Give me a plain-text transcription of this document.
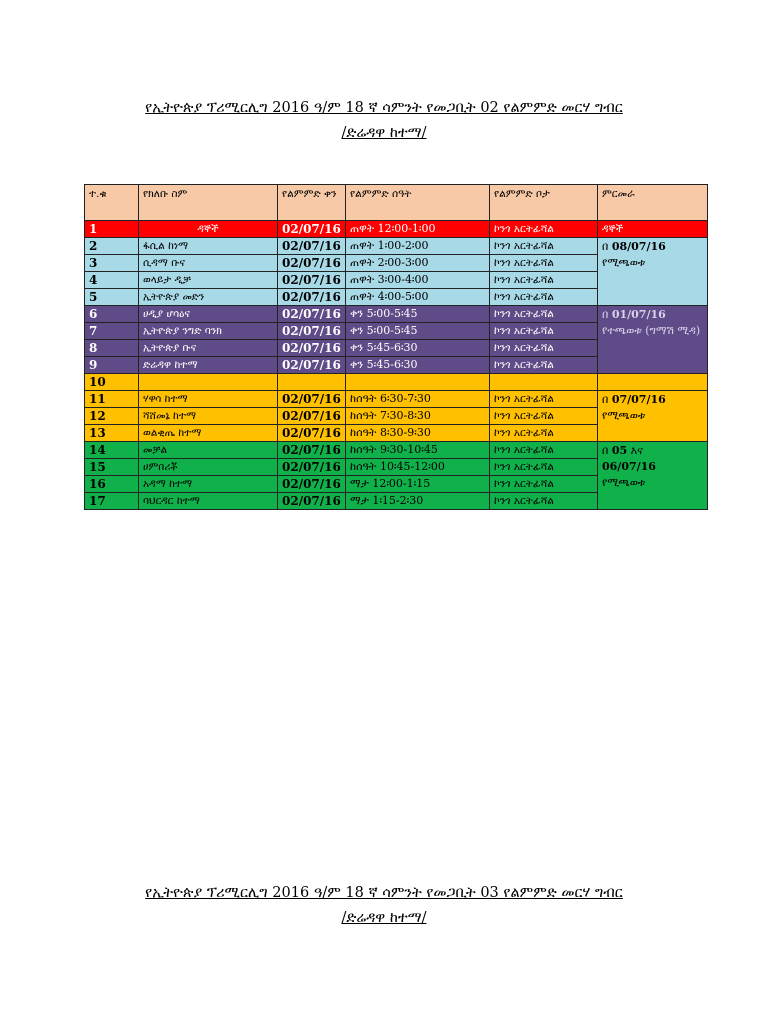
የኢትዮጵያ ፕሪሚርሊግ 2016 ዓ/ም 18 ኛ ሳምንት የመጋቢት 02 የልምምድ መርሃ ግብር
/ድሬዳዋ ከተማ/
ተ.ቁ	የክለቡ ስም	የልምምድ ቀን	የልምምድ ሰዓት	የልምምድ ቦታ	ምርመራ
1	ዳኞች	02/07/16	ጠዋት 12፡00-1፡00	ኮንጎ አርትፊሻል	ዳኞች
2	ፋሲል ከነማ	02/07/16	ጠዋት 1፡00-2፡00	ኮንጎ አርትፊሻል	በ 08/07/16
የሚጫወቱ
3	ሲዳማ ቡና	02/07/16	ጠዋት 2፡00-3፡00	ኮንጎ አርትፊሻል	
4	ወላይታ ዲቻ	02/07/16	ጠዋት 3፡00-4፡00	ኮንጎ አርትፊሻል	
5	ኢትዮጵያ መድን	02/07/16	ጠዋት 4፡00-5፡00	ኮንጎ አርትፊሻል	
6	ሀዲያ ሆሳዕና	02/07/16	ቀን 5፡00-5፡45	ኮንጎ አርትፊሻል	በ 01/07/16
የተጫወቱ (ግማሽ ሚዳ)
7	ኢትዮጵያ ንግድ ባንክ	02/07/16	ቀን 5፡00-5፡45	ኮንጎ አርትፊሻል	
8	ኢትዮጵያ ቡና	02/07/16	ቀን 5፡45-6፡30	ኮንጎ አርትፊሻል	
9	ድሬዳዋ ከተማ	02/07/16	ቀን 5፡45-6፡30	ኮንጎ አርትፊሻል	
10					
11	ሃዋሳ ከተማ	02/07/16	ከሰዓት 6፡30-7፡30	ኮንጎ አርትፊሻል	በ 07/07/16
የሚጫወቱ
12	ሻሸመኔ ከተማ	02/07/16	ከሰዓት 7፡30-8፡30	ኮንጎ አርትፊሻል	
13	ወልቂጤ ከተማ	02/07/16	ከሰዓት 8፡30-9፡30	ኮንጎ አርትፊሻል	
14	መቻል	02/07/16	ከሰዓት 9፡30-10፡45	ኮንጎ አርትፊሻል	በ 05 እና
06/07/16
የሚጫወቱ
15	ሀምበሪቾ	02/07/16	ከሰዓት 10፡45-12፡00	ኮንጎ አርትፊሻል	
16	አዳማ ከተማ	02/07/16	ማታ 12፡00-1፡15	ኮንጎ አርትፊሻል	
17	ባህርዳር ከተማ	02/07/16	ማታ 1፡15-2፡30	ኮንጎ አርትፊሻል	
የኢትዮጵያ ፕሪሚርሊግ 2016 ዓ/ም 18 ኛ ሳምንት የመጋቢት 03 የልምምድ መርሃ ግብር
/ድሬዳዋ ከተማ/
